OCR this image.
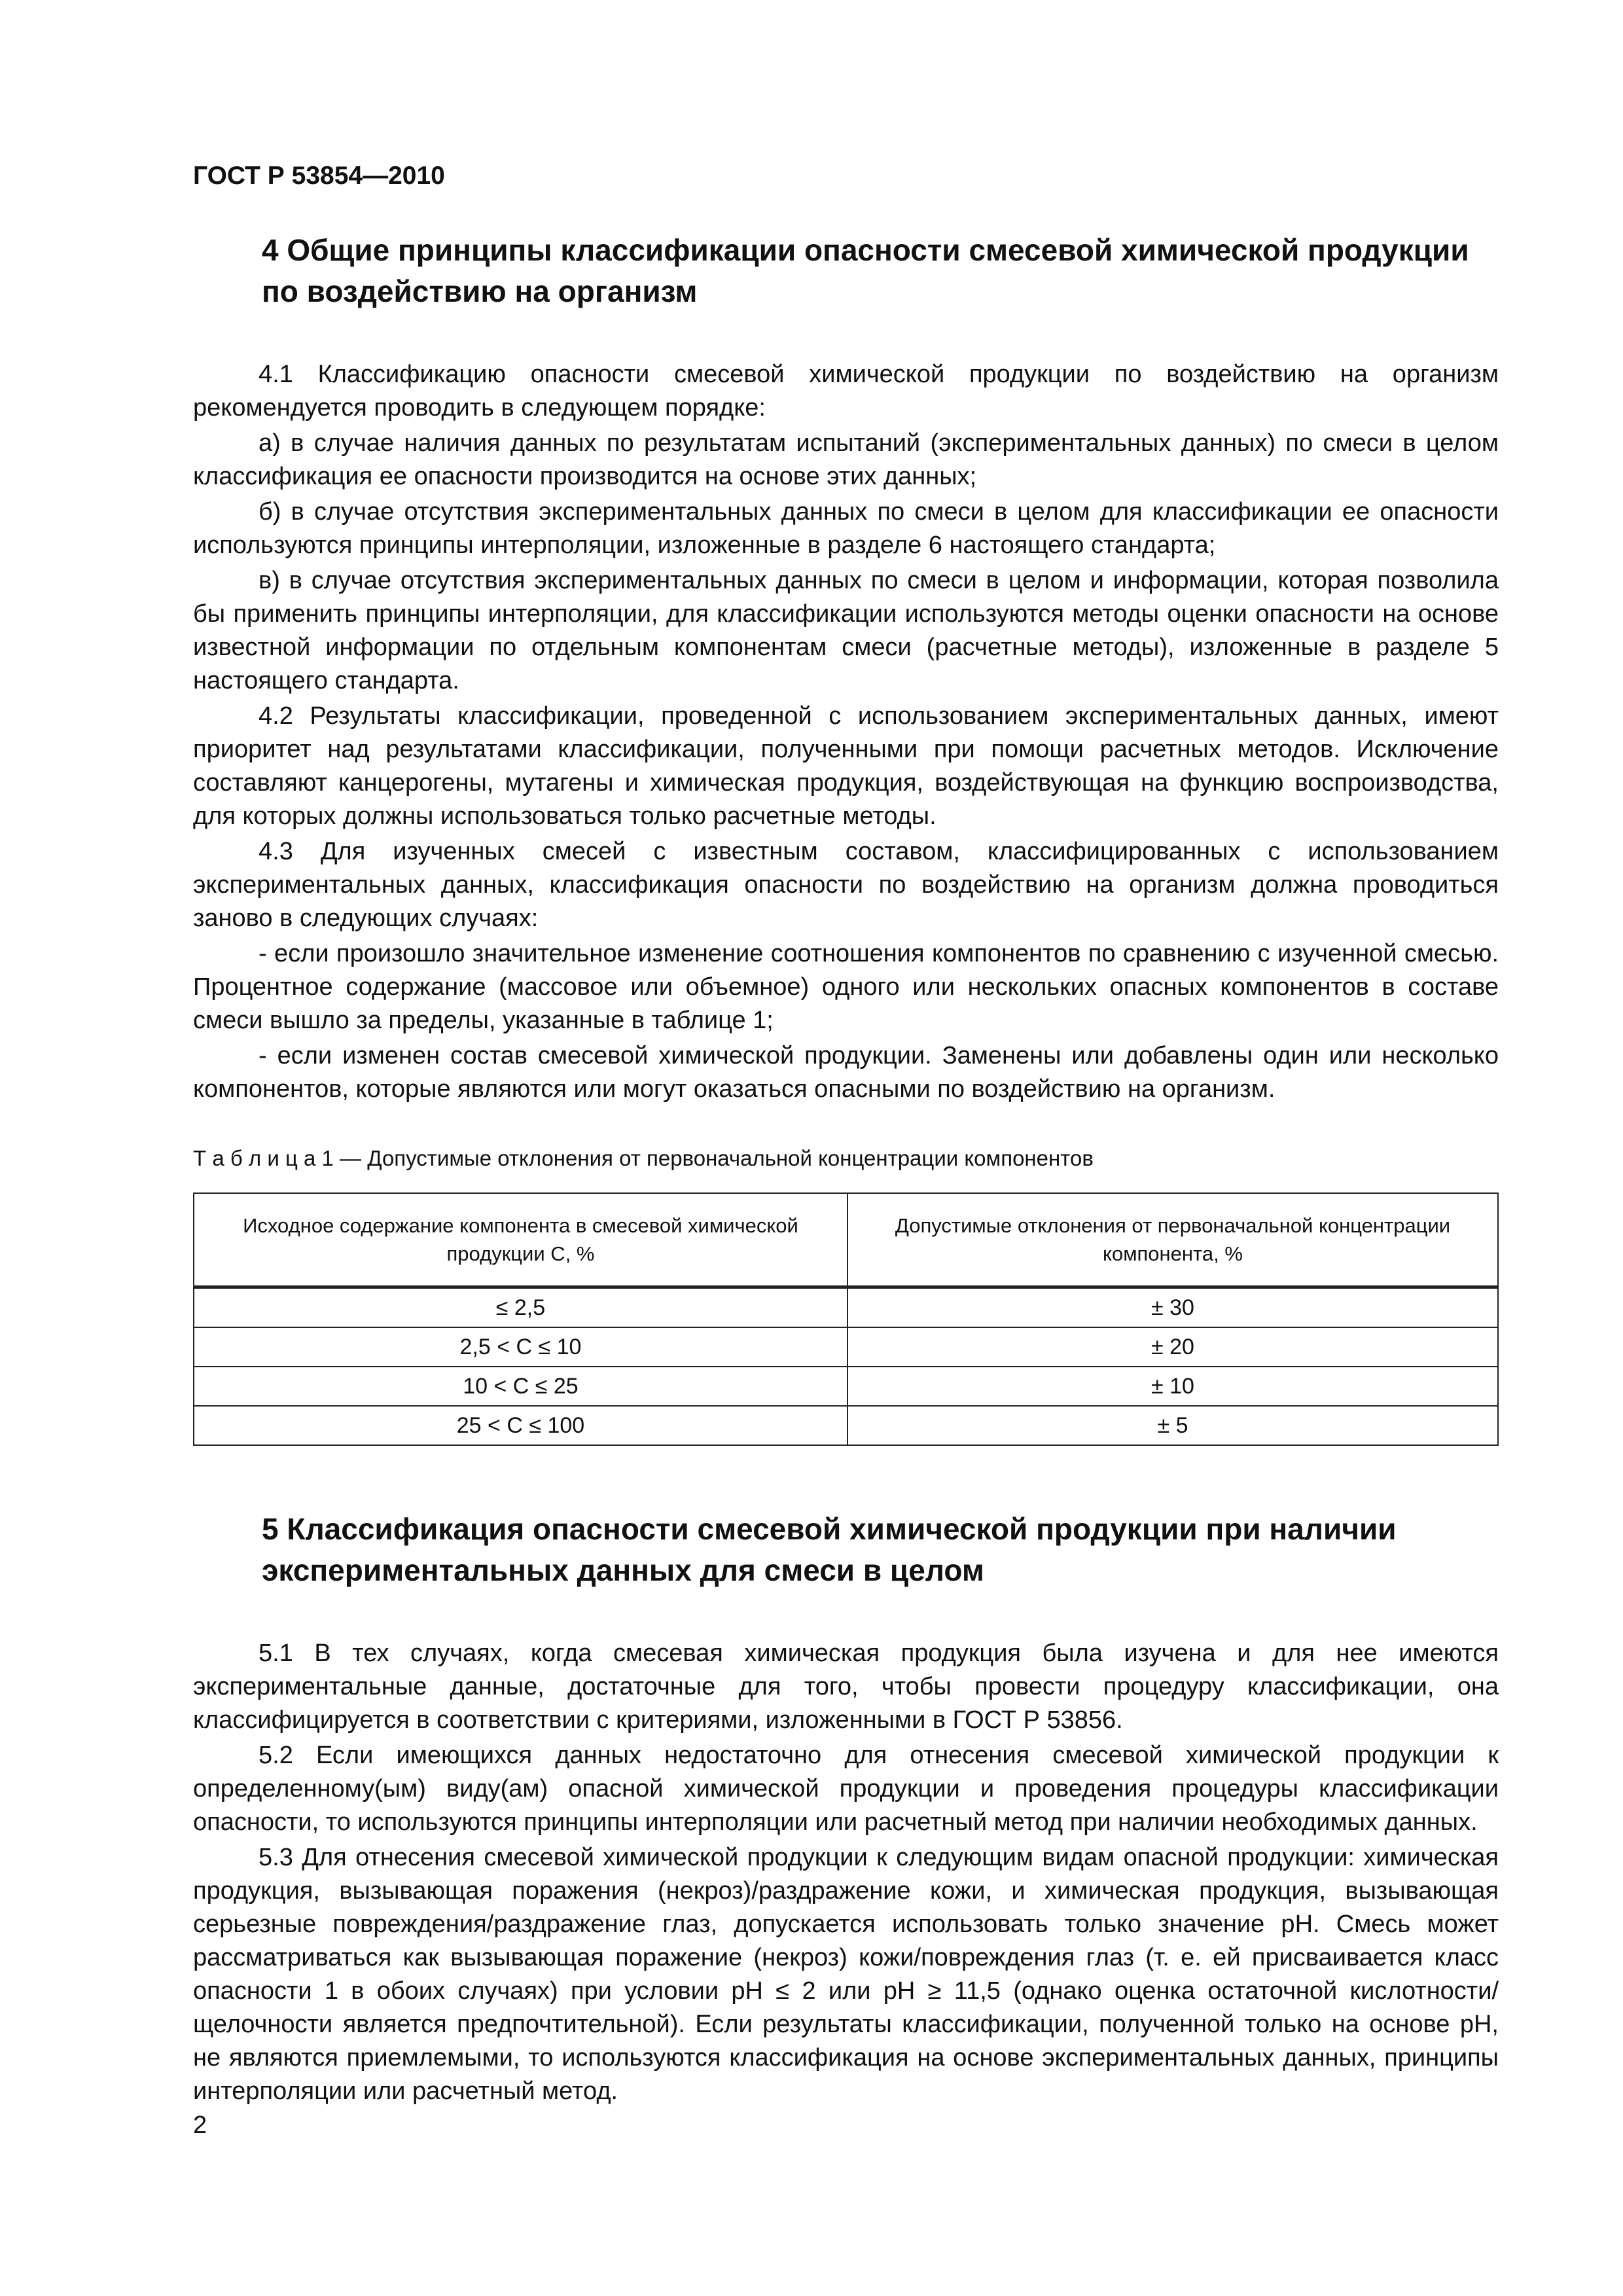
ГОСТ Р 53854—2010
4 Общие принципы классификации опасности смесевой химической продукции по воздействию на организм

4.1 Классификацию опасности смесевой химической продукции по воздействию на организм рекомендуется проводить в следующем порядке:

а) в случае наличия данных по результатам испытаний (экспериментальных данных) по смеси в целом классификация ее опасности производится на основе этих данных;

б) в случае отсутствия экспериментальных данных по смеси в целом для классификации ее опасности используются принципы интерполяции, изложенные в разделе 6 настоящего стандарта;

в) в случае отсутствия экспериментальных данных по смеси в целом и информации, которая позволила бы применить принципы интерполяции, для классификации используются методы оценки опасности на основе известной информации по отдельным компонентам смеси (расчетные методы), изложенные в разделе 5 настоящего стандарта.

4.2 Результаты классификации, проведенной с использованием экспериментальных данных, имеют приоритет над результатами классификации, полученными при помощи расчетных методов. Исключение составляют канцерогены, мутагены и химическая продукция, воздействующая на функцию воспроизводства, для которых должны использоваться только расчетные методы.

4.3 Для изученных смесей с известным составом, классифицированных с использованием экспериментальных данных, классификация опасности по воздействию на организм должна проводиться заново в следующих случаях:

- если произошло значительное изменение соотношения компонентов по сравнению с изученной смесью. Процентное содержание (массовое или объемное) одного или нескольких опасных компонентов в составе смеси вышло за пределы, указанные в таблице 1;

- если изменен состав смесевой химической продукции. Заменены или добавлены один или несколько компонентов, которые являются или могут оказаться опасными по воздействию на организм.

Т а б л и ц а 1 — Допустимые отклонения от первоначальной концентрации компонентов
Исходное содержание компонента в смесевой химической продукции С, %	Допустимые отклонения от первоначальной концентрации компонента, %
≤ 2,5	± 30
2,5 < С ≤ 10	± 20
10 < С ≤ 25	± 10
25 < С ≤ 100	± 5
5 Классификация опасности смесевой химической продукции при наличии экспериментальных данных для смеси в целом

5.1 В тех случаях, когда смесевая химическая продукция была изучена и для нее имеются экспериментальные данные, достаточные для того, чтобы провести процедуру классификации, она классифицируется в соответствии с критериями, изложенными в ГОСТ Р 53856.

5.2 Если имеющихся данных недостаточно для отнесения смесевой химической продукции к определенному(ым) виду(ам) опасной химической продукции и проведения процедуры классификации опасности, то используются принципы интерполяции или расчетный метод при наличии необходимых данных.

5.3 Для отнесения смесевой химической продукции к следующим видам опасной продукции: химическая продукция, вызывающая поражения (некроз)/раздражение кожи, и химическая продукция, вызывающая серьезные повреждения/раздражение глаз, допускается использовать только значение рН. Смесь может рассматриваться как вызывающая поражение (некроз) кожи/повреждения глаз (т. е. ей присваивается класс опасности 1 в обоих случаях) при условии рН ≤ 2 или рН ≥ 11,5 (однако оценка остаточной кислотности/щелочности является предпочтительной). Если результаты классификации, полученной только на основе рН, не являются приемлемыми, то используются классификация на основе экспериментальных данных, принципы интерполяции или расчетный метод.

2
